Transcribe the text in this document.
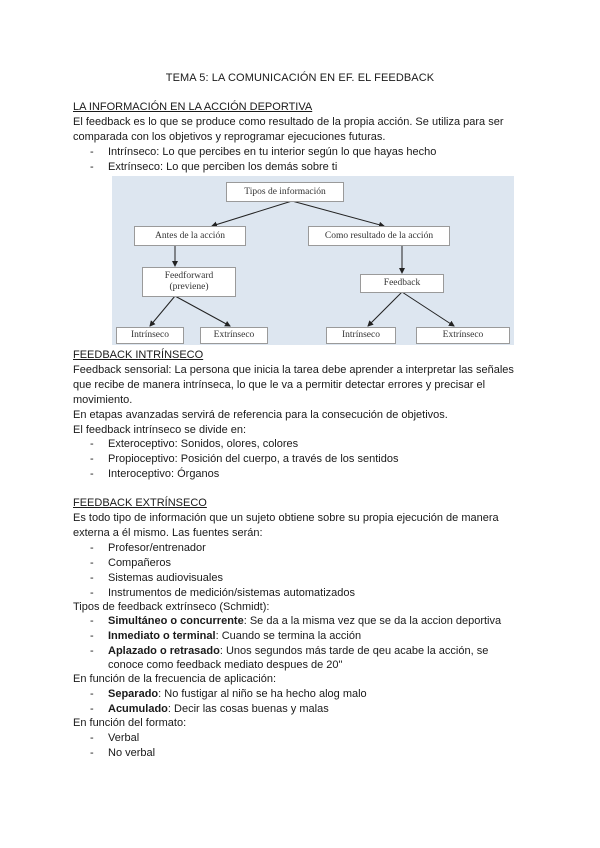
TEMA 5: LA COMUNICACIÓN EN EF. EL FEEDBACK
LA INFORMACIÓN EN LA ACCIÓN DEPORTIVA
El feedback es lo que se produce como resultado de la propia acción. Se utiliza para ser
comparada con los objetivos y reprogramar ejecuciones futuras.
- Intrínseco: Lo que percibes en tu interior según lo que hayas hecho
- Extrínseco: Lo que perciben los demás sobre ti
Tipos de información
Antes de la acción	Como resultado de la acción
Feedforward
(previene)	Feedback
Intrínseco	Extrínseco	Intrínseco	Extrínseco
FEEDBACK INTRÍNSECO
Feedback sensorial: La persona que inicia la tarea debe aprender a interpretar las señales
que recibe de manera intrínseca, lo que le va a permitir detectar errores y precisar el
movimiento.
En etapas avanzadas servirá de referencia para la consecución de objetivos.
El feedback intrínseco se divide en:
- Exteroceptivo: Sonidos, olores, colores
- Propioceptivo: Posición del cuerpo, a través de los sentidos
- Interoceptivo: Órganos
FEEDBACK EXTRÍNSECO
Es todo tipo de información que un sujeto obtiene sobre su propia ejecución de manera
externa a él mismo. Las fuentes serán:
- Profesor/entrenador
- Compañeros
- Sistemas audiovisuales
- Instrumentos de medición/sistemas automatizados
Tipos de feedback extrínseco (Schmidt):
- Simultáneo o concurrente: Se da a la misma vez que se da la accion deportiva
- Inmediato o terminal: Cuando se termina la acción
- Aplazado o retrasado: Unos segundos más tarde de qeu acabe la acción, se
conoce como feedback mediato despues de 20"
En función de la frecuencia de aplicación:
- Separado: No fustigar al niño se ha hecho alog malo
- Acumulado: Decir las cosas buenas y malas
En función del formato:
- Verbal
- No verbal
